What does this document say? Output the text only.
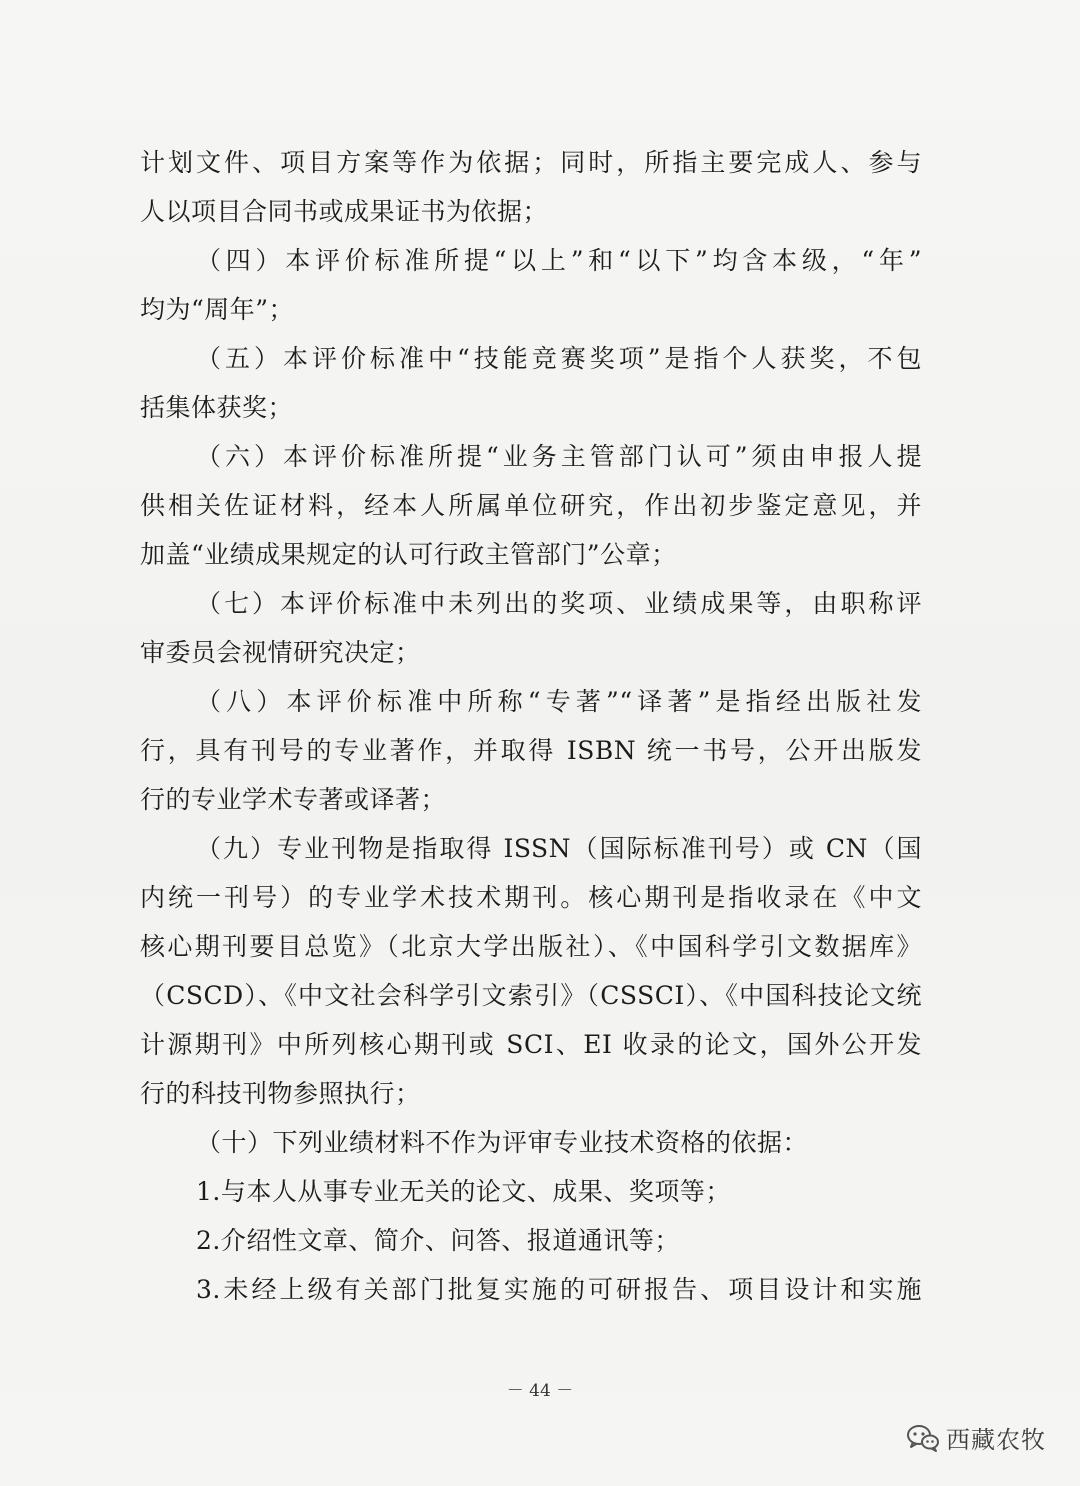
计划文件、项目方案等作为依据；同时，所指主要完成人、参与
人以项目合同书或成果证书为依据；
（四）本评价标准所提“以上”和“以下”均含本级，“年”
均为“周年”；
（五）本评价标准中“技能竞赛奖项”是指个人获奖，不包
括集体获奖；
（六）本评价标准所提“业务主管部门认可”须由申报人提
供相关佐证材料，经本人所属单位研究，作出初步鉴定意见，并
加盖“业绩成果规定的认可行政主管部门”公章；
（七）本评价标准中未列出的奖项、业绩成果等，由职称评
审委员会视情研究决定；
（八）本评价标准中所称“专著”“译著”是指经出版社发
行，具有刊号的专业著作，并取得 ISBN 统一书号，公开出版发
行的专业学术专著或译著；
（九）专业刊物是指取得 ISSN（国际标准刊号）或 CN（国
内统一刊号）的专业学术技术期刊。核心期刊是指收录在《中文
核心期刊要目总览》（北京大学出版社）、《中国科学引文数据库》
（CSCD）、《中文社会科学引文索引》（CSSCI）、《中国科技论文统
计源期刊》中所列核心期刊或 SCI、EI 收录的论文，国外公开发
行的科技刊物参照执行；
（十）下列业绩材料不作为评审专业技术资格的依据：
1.与本人从事专业无关的论文、成果、奖项等；
2.介绍性文章、简介、问答、报道通讯等；
3.未经上级有关部门批复实施的可研报告、项目设计和实施
－ 44 －
西藏农牧
